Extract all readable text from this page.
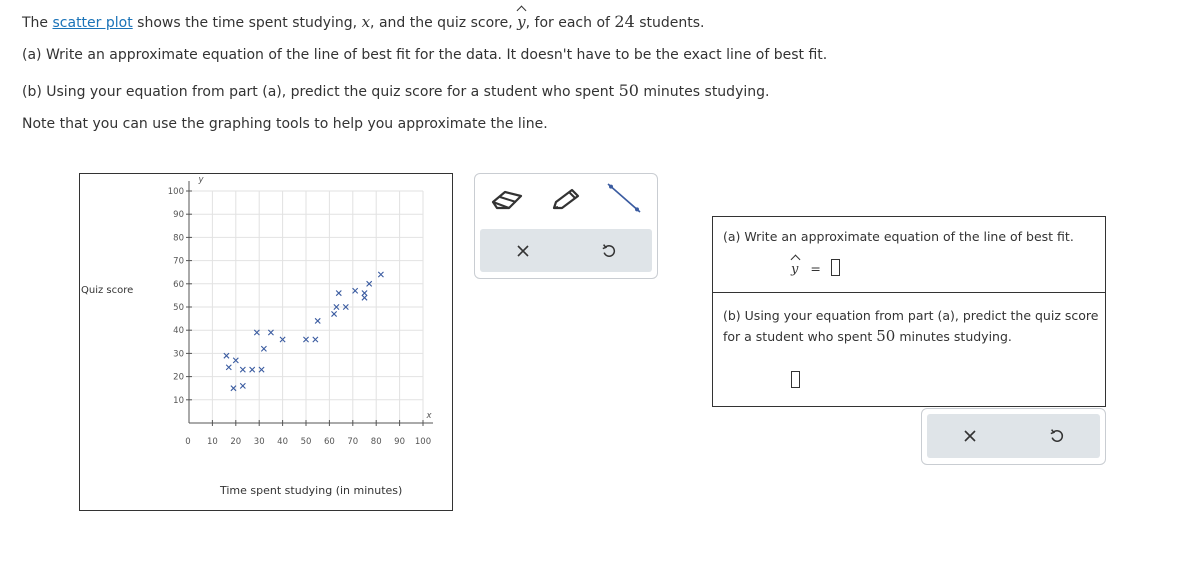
The scatter plot shows the time spent studying, x, and the quiz score, y, for each of 24 students.
(a) Write an approximate equation of the line of best fit for the data. It doesn't have to be the exact line of best fit.
(b) Using your equation from part (a), predict the quiz score for a student who spent 50 minutes studying.
Note that you can use the graphing tools to help you approximate the line.
10
20
30
40
50
60
70
80
90
100
10 20 30 40 50 60 70 80 90 100
0
y
x
Quiz score
Time spent studying (in minutes)
(a) Write an approximate equation of the line of best fit.
y =
(b) Using your equation from part (a), predict the quiz score
for a student who spent 50 minutes studying.
